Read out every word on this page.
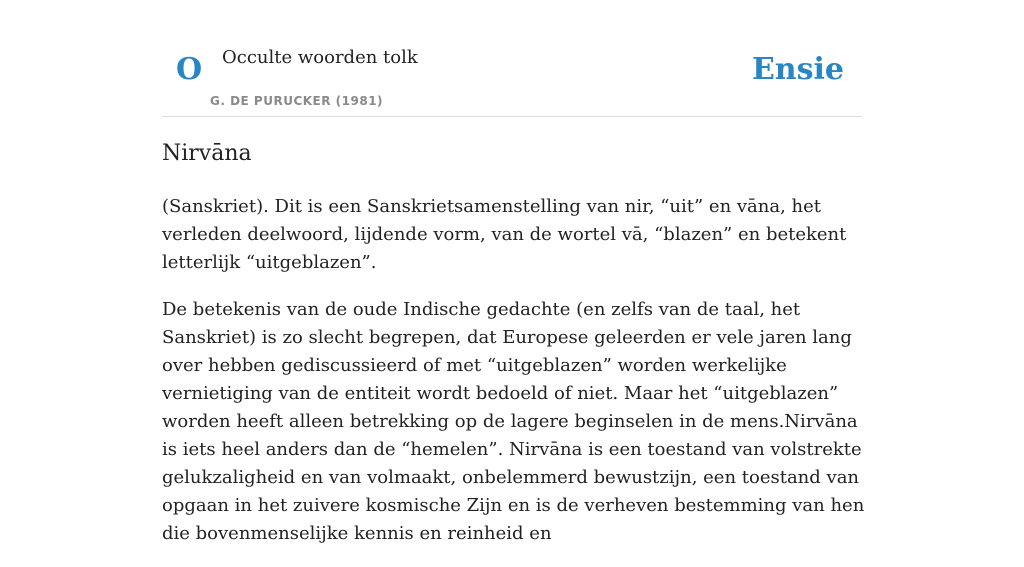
O Occulte woorden tolk
G. DE PURUCKER (1981)
Ensie
Nirvāna

(Sanskriet). Dit is een Sanskrietsamenstelling van nir, “uit” en vāna, het verleden deelwoord, lijdende vorm, van de wortel vā, “blazen” en betekent letterlijk “uitgeblazen”.

De betekenis van de oude Indische gedachte (en zelfs van de taal, het Sanskriet) is zo slecht begrepen, dat Europese geleerden er vele jaren lang over hebben gediscussieerd of met “uitgeblazen” worden werkelijke vernietiging van de entiteit wordt bedoeld of niet. Maar het “uitgeblazen” worden heeft alleen betrekking op de lagere beginselen in de mens.Nirvāna is iets heel anders dan de “hemelen”. Nirvāna is een toestand van volstrekte gelukzaligheid en van volmaakt, onbelemmerd bewustzijn, een toestand van opgaan in het zuivere kosmische Zijn en is de verheven bestemming van hen die bovenmenselijke kennis en reinheid en
